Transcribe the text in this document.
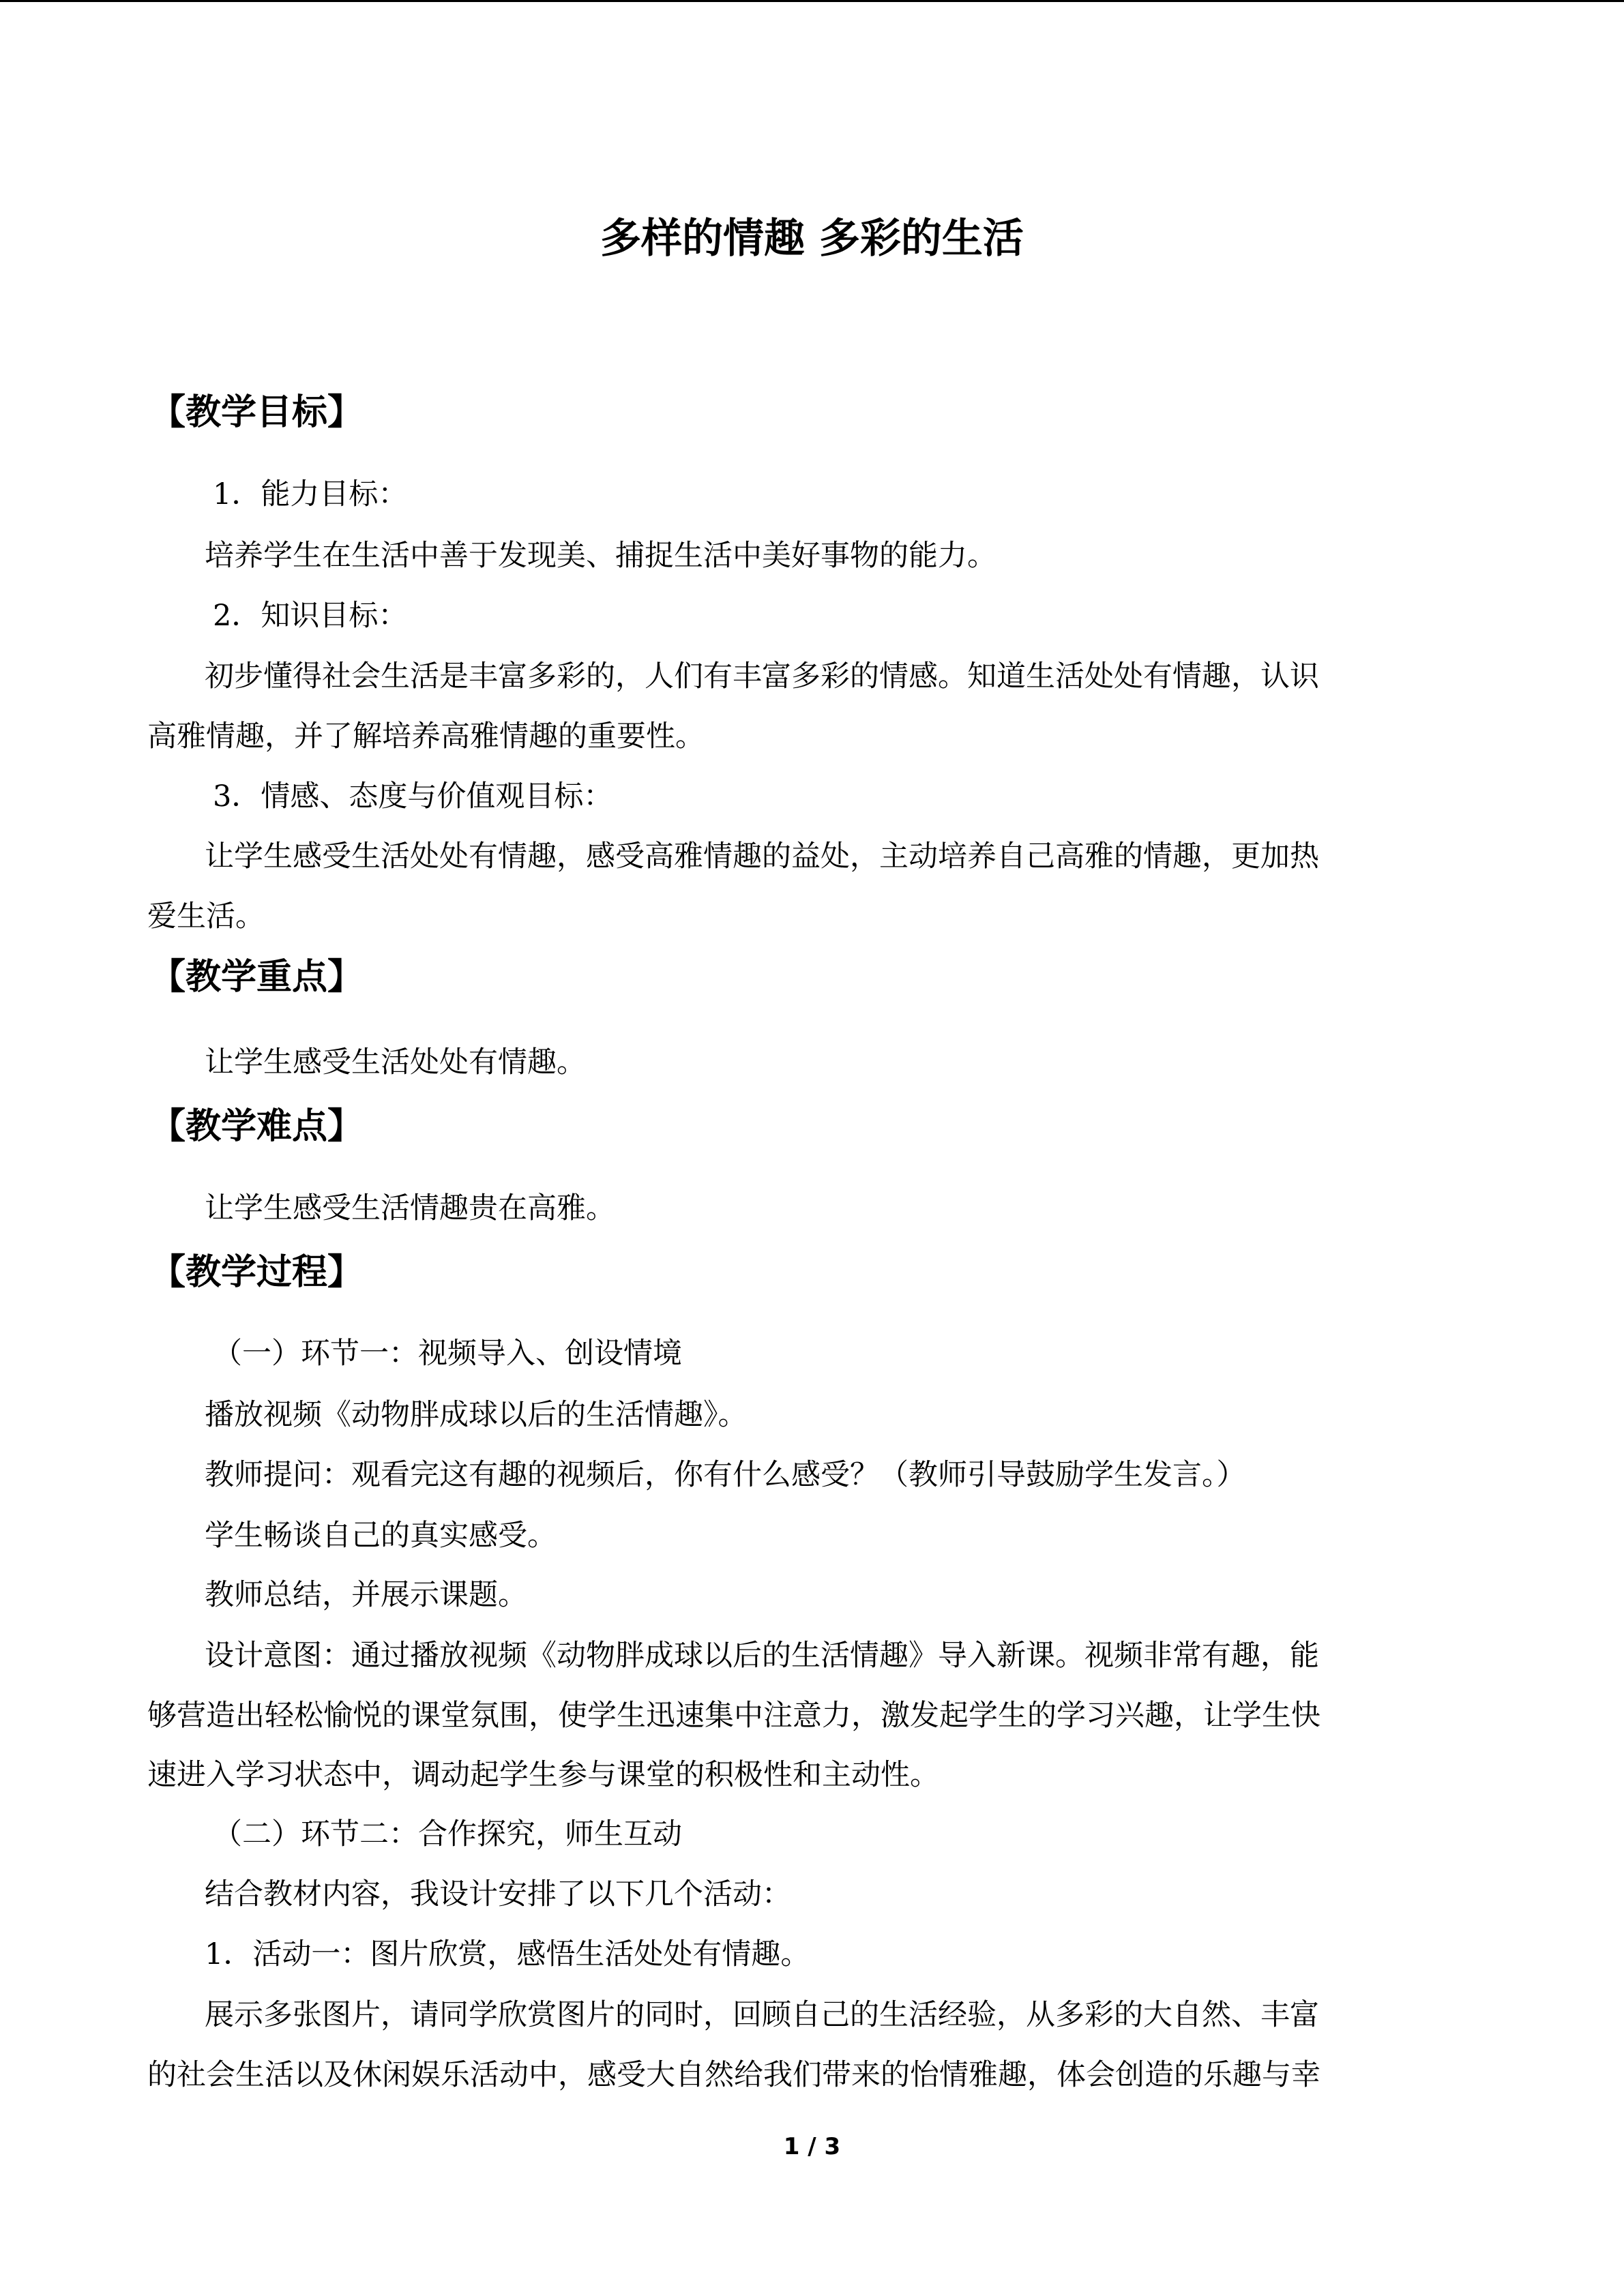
多样的情趣 多彩的生活
【教学目标】
1．能力目标：
培养学生在生活中善于发现美、捕捉生活中美好事物的能力。
2．知识目标：
初步懂得社会生活是丰富多彩的，人们有丰富多彩的情感。知道生活处处有情趣，认识
高雅情趣，并了解培养高雅情趣的重要性。
3．情感、态度与价值观目标：
让学生感受生活处处有情趣，感受高雅情趣的益处，主动培养自己高雅的情趣，更加热
爱生活。
【教学重点】
让学生感受生活处处有情趣。
【教学难点】
让学生感受生活情趣贵在高雅。
【教学过程】
（一）环节一：视频导入、创设情境
播放视频《动物胖成球以后的生活情趣》。
教师提问：观看完这有趣的视频后，你有什么感受？（教师引导鼓励学生发言。）
学生畅谈自己的真实感受。
教师总结，并展示课题。
设计意图：通过播放视频《动物胖成球以后的生活情趣》导入新课。视频非常有趣，能
够营造出轻松愉悦的课堂氛围，使学生迅速集中注意力，激发起学生的学习兴趣，让学生快
速进入学习状态中，调动起学生参与课堂的积极性和主动性。
（二）环节二：合作探究，师生互动
结合教材内容，我设计安排了以下几个活动：
1．活动一：图片欣赏，感悟生活处处有情趣。
展示多张图片，请同学欣赏图片的同时，回顾自己的生活经验，从多彩的大自然、丰富
的社会生活以及休闲娱乐活动中，感受大自然给我们带来的怡情雅趣，体会创造的乐趣与幸
1 / 3
